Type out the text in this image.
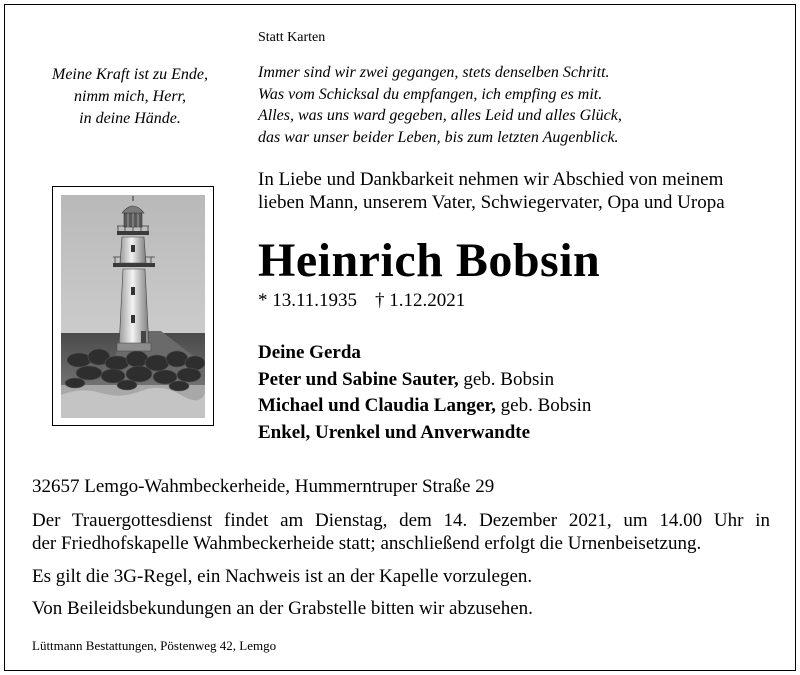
Statt Karten
Meine Kraft ist zu Ende,
nimm mich, Herr,
in deine Hände.
Immer sind wir zwei gegangen, stets denselben Schritt.
Was vom Schicksal du empfangen, ich empfing es mit.
Alles, was uns ward gegeben, alles Leid und alles Glück,
das war unser beider Leben, bis zum letzten Augenblick.
In Liebe und Dankbarkeit nehmen wir Abschied von meinem
lieben Mann, unserem Vater, Schwiegervater, Opa und Uropa
Heinrich Bobsin
* 13.11.1935 † 1.12.2021
Deine Gerda
Peter und Sabine Sauter, geb. Bobsin
Michael und Claudia Langer, geb. Bobsin
Enkel, Urenkel und Anverwandte
32657 Lemgo-Wahmbeckerheide, Hummerntruper Straße 29
Der Trauergottesdienst findet am Dienstag, dem 14. Dezember 2021, um 14.00 Uhr in
der Friedhofskapelle Wahmbeckerheide statt; anschließend erfolgt die Urnenbeisetzung.
Es gilt die 3G-Regel, ein Nachweis ist an der Kapelle vorzulegen.
Von Beileidsbekundungen an der Grabstelle bitten wir abzusehen.
Lüttmann Bestattungen, Pöstenweg 42, Lemgo
